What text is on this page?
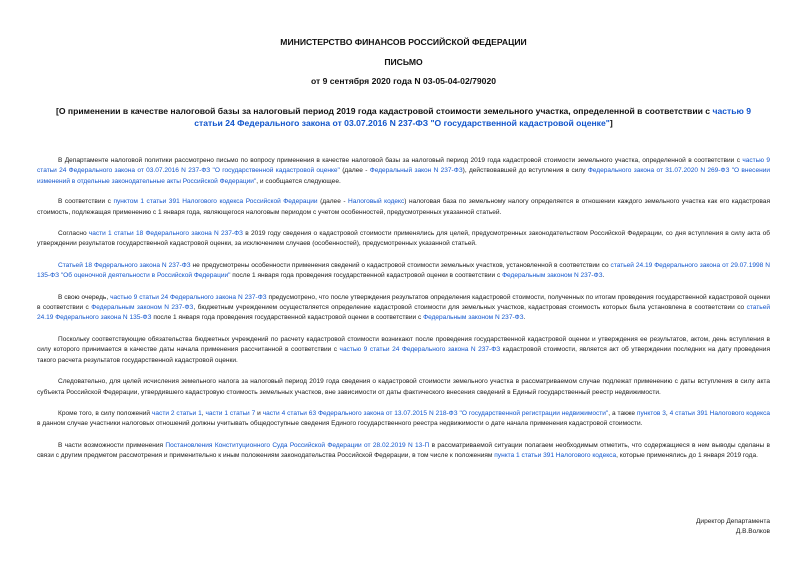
МИНИСТЕРСТВО ФИНАНСОВ РОССИЙСКОЙ ФЕДЕРАЦИИ
ПИСЬМО
от 9 сентября 2020 года N 03-05-04-02/79020
[О применении в качестве налоговой базы за налоговый период 2019 года кадастровой стоимости земельного участка, определенной в соответствии с частью 9 статьи 24 Федерального закона от 03.07.2016 N 237-ФЗ "О государственной кадастровой оценке"]

В Департаменте налоговой политики рассмотрено письмо по вопросу применения в качестве налоговой базы за налоговый период 2019 года кадастровой стоимости земельного участка, определенной в соответствии с частью 9 статьи 24 Федерального закона от 03.07.2016 N 237-ФЗ "О государственной кадастровой оценке" (далее - Федеральный закон N 237-ФЗ), действовавшей до вступления в силу Федерального закона от 31.07.2020 N 269-ФЗ "О внесении изменений в отдельные законодательные акты Российской Федерации", и сообщается следующее.

В соответствии с пунктом 1 статьи 391 Налогового кодекса Российской Федерации (далее - Налоговый кодекс) налоговая база по земельному налогу определяется в отношении каждого земельного участка как его кадастровая стоимость, подлежащая применению с 1 января года, являющегося налоговым периодом с учетом особенностей, предусмотренных указанной статьей.

Согласно части 1 статьи 18 Федерального закона N 237-ФЗ в 2019 году сведения о кадастровой стоимости применялись для целей, предусмотренных законодательством Российской Федерации, со дня вступления в силу акта об утверждении результатов государственной кадастровой оценки, за исключением случаев (особенностей), предусмотренных указанной статьей.

Статьей 18 Федерального закона N 237-ФЗ не предусмотрены особенности применения сведений о кадастровой стоимости земельных участков, установленной в соответствии со статьей 24.19 Федерального закона от 29.07.1998 N 135-ФЗ "Об оценочной деятельности в Российской Федерации" после 1 января года проведения государственной кадастровой оценки в соответствии с Федеральным законом N 237-ФЗ.

В свою очередь, частью 9 статьи 24 Федерального закона N 237-ФЗ предусмотрено, что после утверждения результатов определения кадастровой стоимости, полученных по итогам проведения государственной кадастровой оценки в соответствии с Федеральным законом N 237-ФЗ, бюджетным учреждением осуществляется определение кадастровой стоимости для земельных участков, кадастровая стоимость которых была установлена в соответствии со статьей 24.19 Федерального закона N 135-ФЗ после 1 января года проведения государственной кадастровой оценки в соответствии с Федеральным законом N 237-ФЗ.

Поскольку соответствующие обязательства бюджетных учреждений по расчету кадастровой стоимости возникают после проведения государственной кадастровой оценки и утверждения ее результатов, актом, день вступления в силу которого принимается в качестве даты начала применения рассчитанной в соответствии с частью 9 статьи 24 Федерального закона N 237-ФЗ кадастровой стоимости, является акт об утверждении последних на дату проведения такого расчета результатов государственной кадастровой оценки.

Следовательно, для целей исчисления земельного налога за налоговый период 2019 года сведения о кадастровой стоимости земельного участка в рассматриваемом случае подлежат применению с даты вступления в силу акта субъекта Российской Федерации, утвердившего кадастровую стоимость земельных участков, вне зависимости от даты фактического внесения сведений в Единый государственный реестр недвижимости.

Кроме того, в силу положений части 2 статьи 1, части 1 статьи 7 и части 4 статьи 63 Федерального закона от 13.07.2015 N 218-ФЗ "О государственной регистрации недвижимости", а также пунктов 3, 4 статьи 391 Налогового кодекса в данном случае участники налоговых отношений должны учитывать общедоступные сведения Единого государственного реестра недвижимости о дате начала применения кадастровой стоимости.

В части возможности применения Постановления Конституционного Суда Российской Федерации от 28.02.2019 N 13-П в рассматриваемой ситуации полагаем необходимым отметить, что содержащиеся в нем выводы сделаны в связи с другим предметом рассмотрения и применительно к иным положениям законодательства Российской Федерации, в том числе к положениям пункта 1 статьи 391 Налогового кодекса, которые применялись до 1 января 2019 года.

Директор Департамента
Д.В.Волков
